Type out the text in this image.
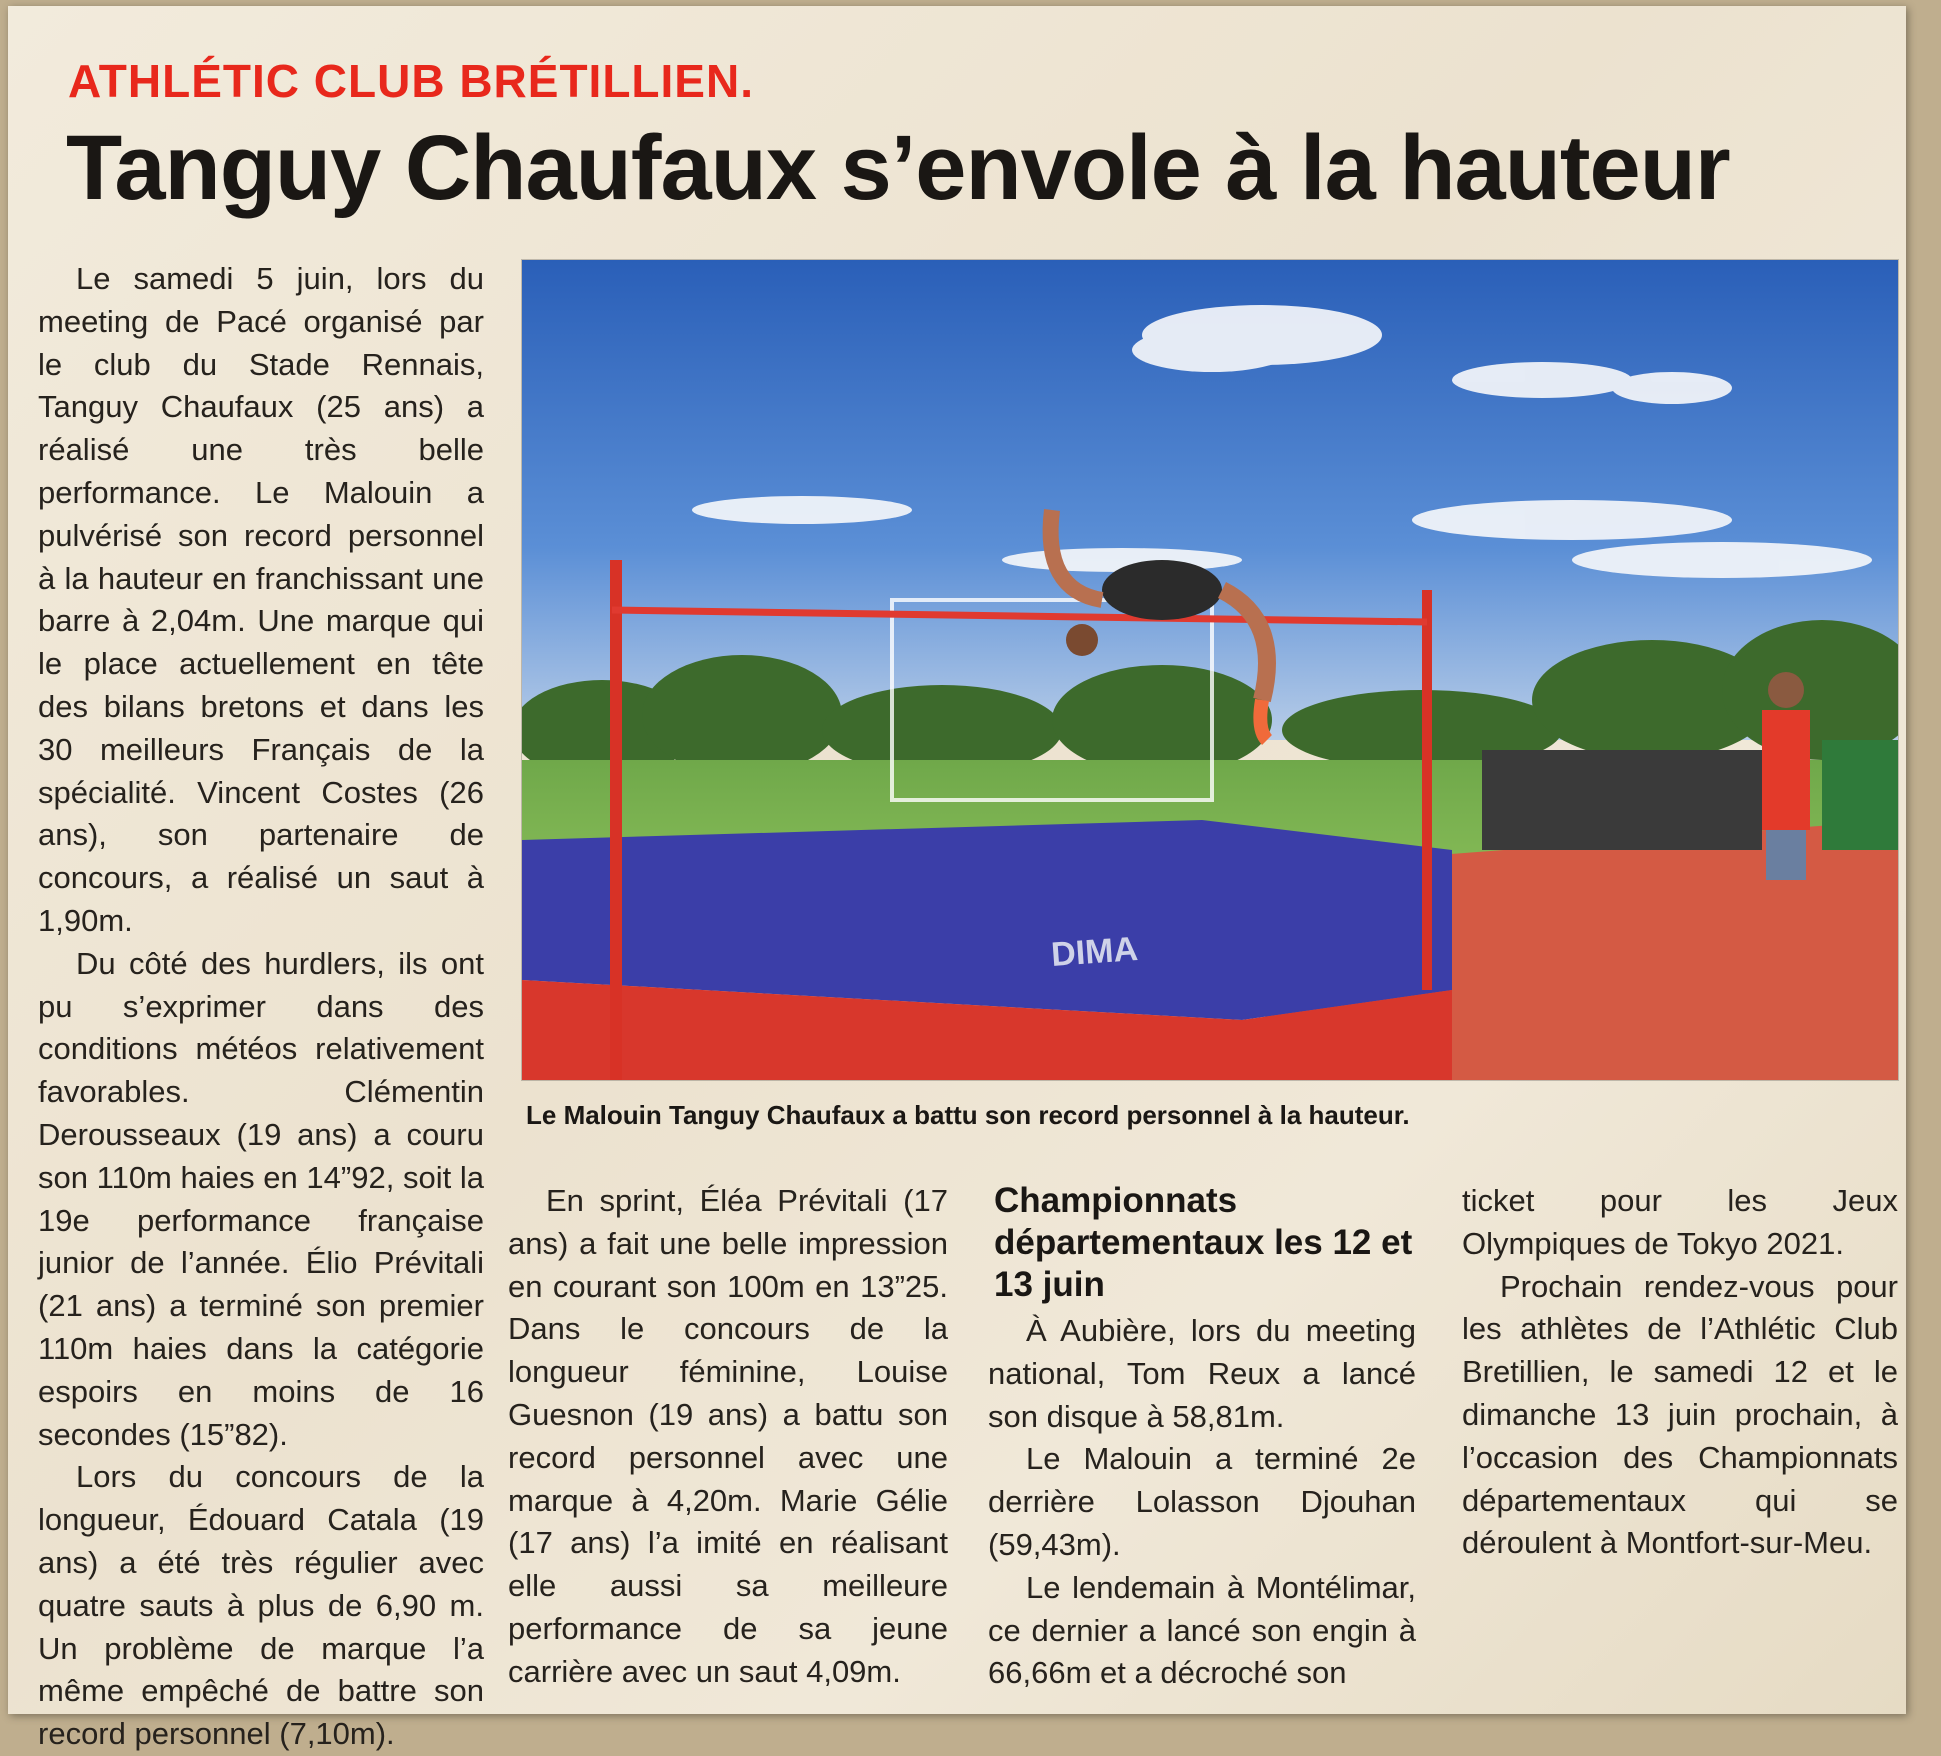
ATHLÉTIC CLUB BRÉTILLIEN.
Tanguy Chaufaux s’envole à la hauteur

Le samedi 5 juin, lors du meeting de Pacé organisé par le club du Stade Rennais, Tanguy Chaufaux (25 ans) a réalisé une très belle performance. Le Malouin a pulvérisé son record personnel à la hauteur en franchissant une barre à 2,04m. Une marque qui le place actuellement en tête des bilans bretons et dans les 30 meilleurs Français de la spécialité. Vincent Costes (26 ans), son partenaire de concours, a réalisé un saut à 1,90m.

Du côté des hurdlers, ils ont pu s’exprimer dans des conditions météos relativement favorables. Clémentin Derousseaux (19 ans) a couru son 110m haies en 14”92, soit la 19e performance française junior de l’année. Élio Prévitali (21 ans) a terminé son premier 110m haies dans la catégorie espoirs en moins de 16 secondes (15”82).

Lors du concours de la longueur, Édouard Catala (19 ans) a été très régulier avec quatre sauts à plus de 6,90 m. Un problème de marque l’a même empêché de battre son record personnel (7,10m).

DIMA
Le Malouin Tanguy Chaufaux a battu son record personnel à la hauteur.

En sprint, Éléa Prévitali (17 ans) a fait une belle impression en courant son 100m en 13”25. Dans le concours de la longueur féminine, Louise Guesnon (19 ans) a battu son record personnel avec une marque à 4,20m. Marie Gélie (17 ans) l’a imité en réalisant elle aussi sa meilleure performance de sa jeune carrière avec un saut 4,09m.

Championnats départementaux les 12 et 13 juin

À Aubière, lors du meeting national, Tom Reux a lancé son disque à 58,81m.

Le Malouin a terminé 2e derrière Lolasson Djouhan (59,43m).

Le lendemain à Montélimar, ce dernier a lancé son engin à 66,66m et a décroché son

ticket pour les Jeux Olympiques de Tokyo 2021.

Prochain rendez-vous pour les athlètes de l’Athlétic Club Bretillien, le samedi 12 et le dimanche 13 juin prochain, à l’occasion des Championnats départementaux qui se déroulent à Montfort-sur-Meu.
